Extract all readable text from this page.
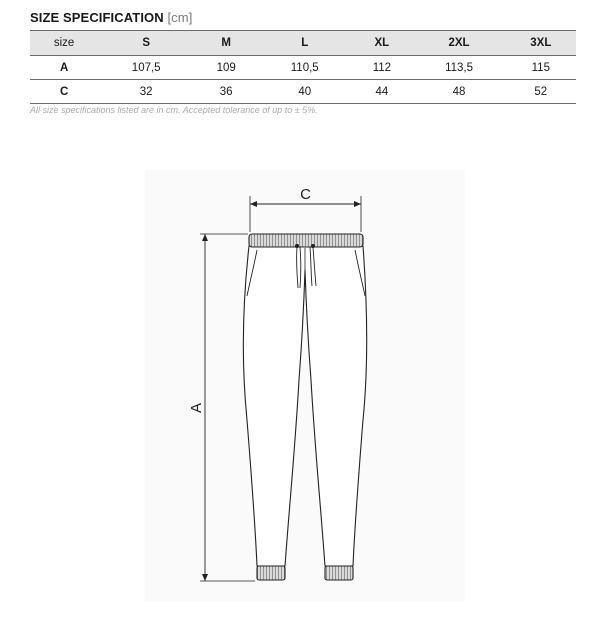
SIZE SPECIFICATION [cm]
size	S	M	L	XL	2XL	3XL
A	107,5	109	110,5	112	113,5	115
C	32	36	40	44	48	52
All size specifications listed are in cm. Accepted tolerance of up to ± 5%.
C
A
